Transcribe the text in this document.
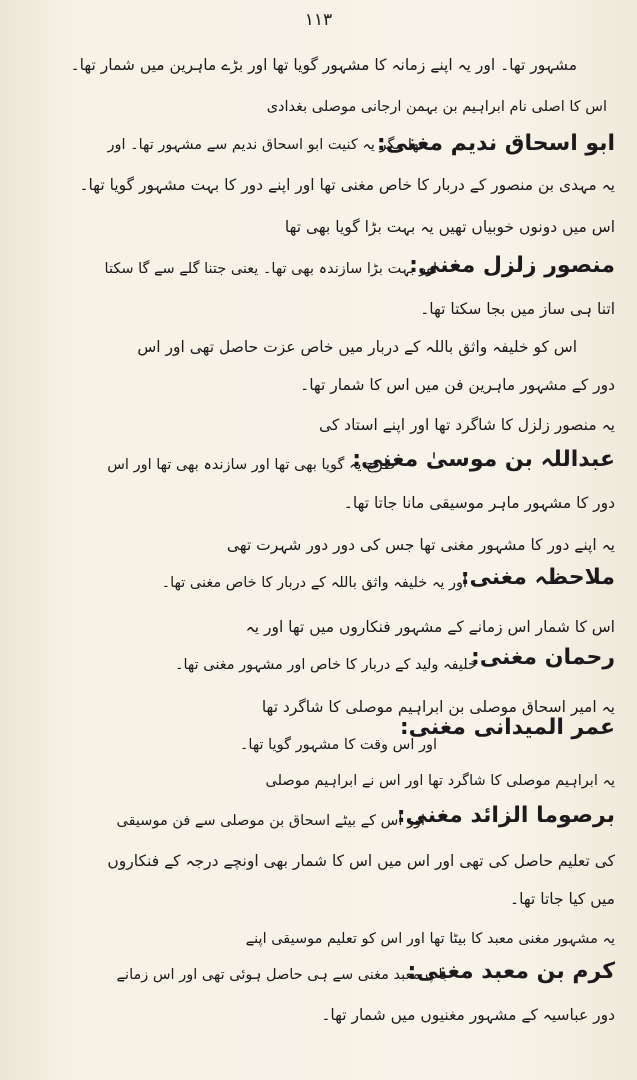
١١٣
مشہور تھا۔ اور یہ اپنے زمانہ کا مشہور گویا تھا اور بڑے ماہرین میں شمار تھا۔
اس کا اصلی نام ابراہیم بن بہمن ارجانی موصلی بغدادی
ابو اسحاق ندیم مغنی:
تھا مگر یہ کنیت ابو اسحاق ندیم سے مشہور تھا۔ اور
یہ مہدی بن منصور کے دربار کا خاص مغنی تھا اور اپنے دور کا بہت مشہور گویا تھا۔
اس میں دونوں خوبیاں تھیں یہ بہت بڑا گویا بھی تھا
منصور زلزل مغنی:
اور بہت بڑا سازندہ بھی تھا۔ یعنی جتنا گلے سے گا سکتا
اتنا ہی ساز میں بجا سکتا تھا۔
اس کو خلیفہ واثق باللہ کے دربار میں خاص عزت حاصل تھی اور اس
دور کے مشہور ماہرین فن میں اس کا شمار تھا۔
یہ منصور زلزل کا شاگرد تھا اور اپنے استاد کی
عبداللہ بن موسیٰ مغنی:
طرح یہ گویا بھی تھا اور سازندہ بھی تھا اور اس
دور کا مشہور ماہر موسیقی مانا جاتا تھا۔
یہ اپنے دور کا مشہور مغنی تھا جس کی دور دور شہرت تھی
ملاحظہ مغنی:
اور یہ خلیفہ واثق باللہ کے دربار کا خاص مغنی تھا۔
اس کا شمار اس زمانے کے مشہور فنکاروں میں تھا اور یہ
رحمان مغنی:
خلیفہ ولید کے دربار کا خاص اور مشہور مغنی تھا۔
یہ امیر اسحاق موصلی بن ابراہیم موصلی کا شاگرد تھا
عمر المیدانی مغنی:
اور اس وقت کا مشہور گویا تھا۔
یہ ابراہیم موصلی کا شاگرد تھا اور اس نے ابراہیم موصلی
برصوما الزائد مغنی:
اور اس کے بیٹے اسحاق بن موصلی سے فن موسیقی
کی تعلیم حاصل کی تھی اور اس میں اس کا شمار بھی اونچے درجہ کے فنکاروں
میں کیا جاتا تھا۔
یہ مشہور مغنی معبد کا بیٹا تھا اور اس کو تعلیم موسیقی اپنے
کرم بن معبد مغنی:
باپ معبد مغنی سے ہی حاصل ہوئی تھی اور اس زمانے
دور عباسیہ کے مشہور مغنیوں میں شمار تھا۔
